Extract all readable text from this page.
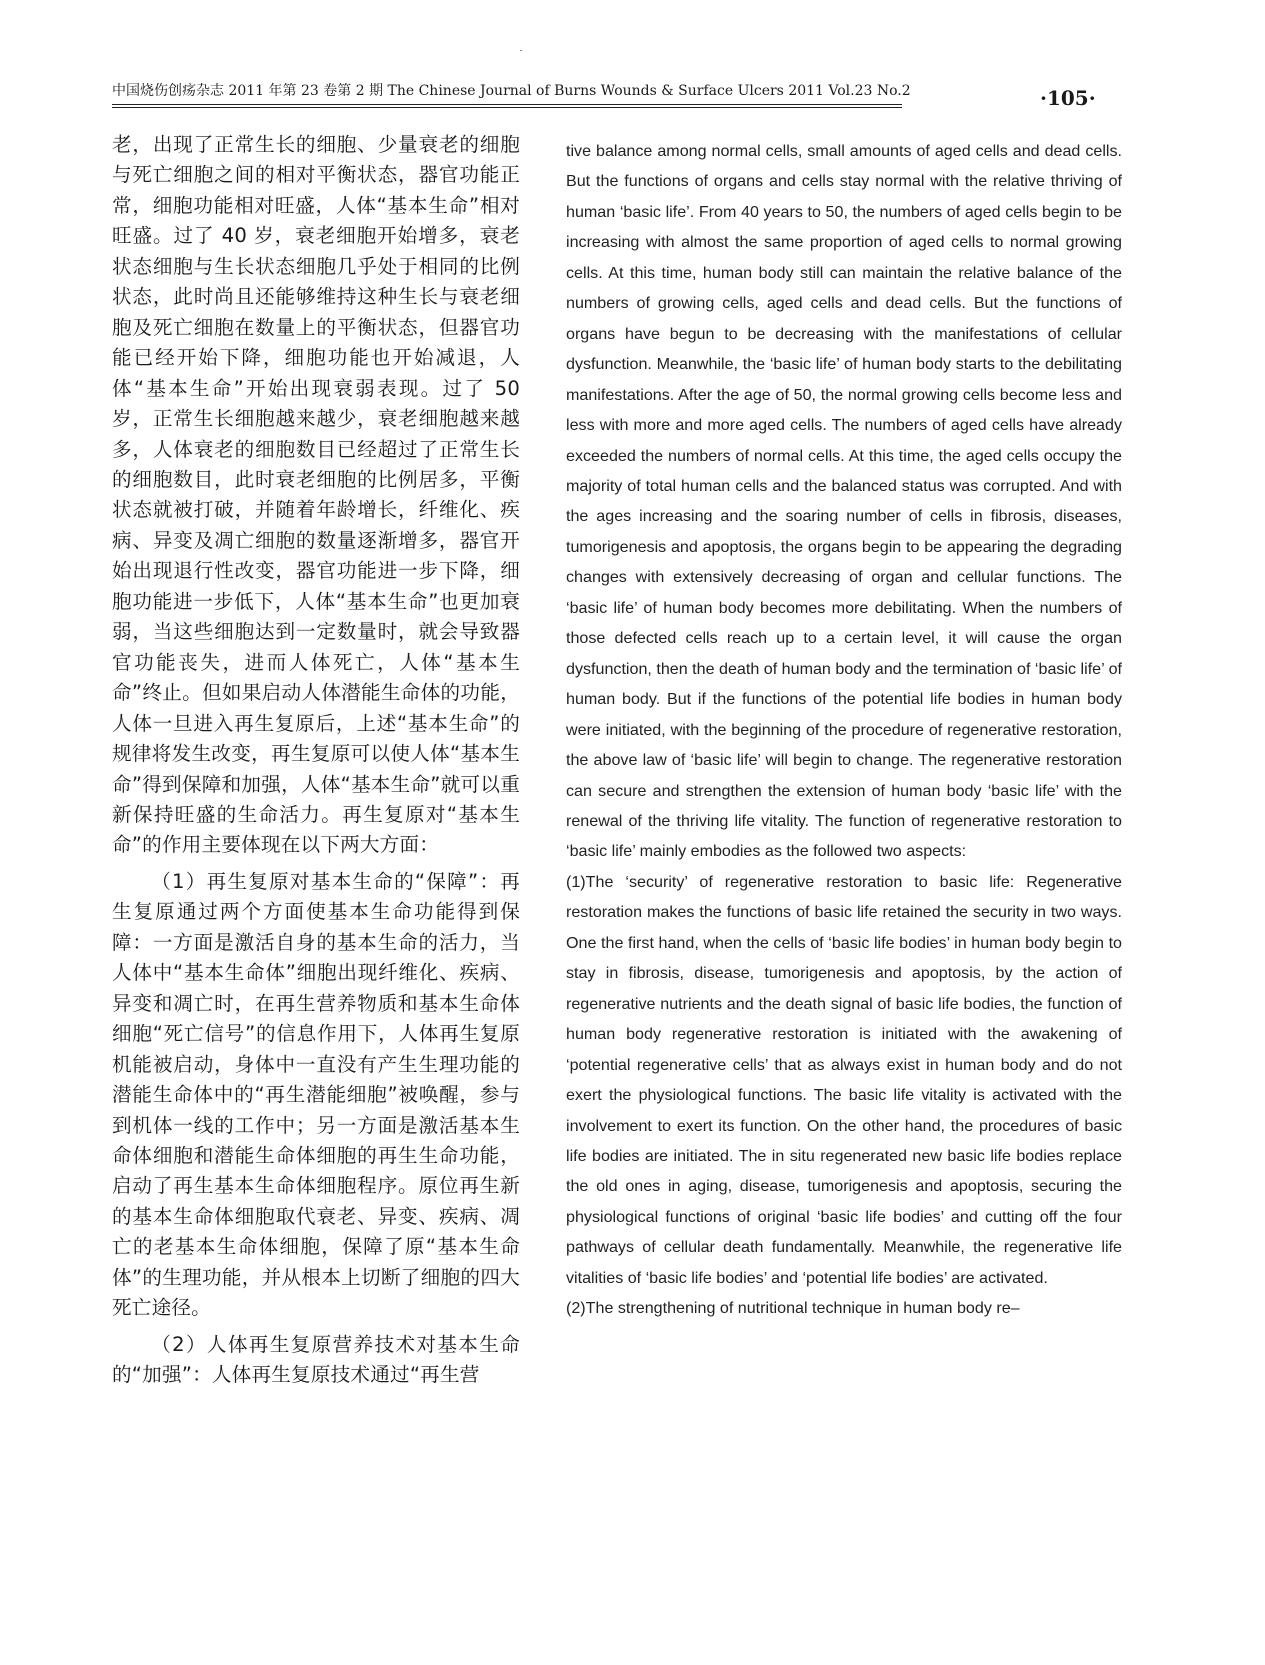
中国烧伤创疡杂志 2011 年第 23 卷第 2 期 The Chinese Journal of Burns Wounds & Surface Ulcers 2011 Vol.23 No.2	·105·

老，出现了正常生长的细胞、少量衰老的细胞与死亡细胞之间的相对平衡状态，器官功能正常，细胞功能相对旺盛，人体“基本生命”相对旺盛。过了 40 岁，衰老细胞开始增多，衰老状态细胞与生长状态细胞几乎处于相同的比例状态，此时尚且还能够维持这种生长与衰老细胞及死亡细胞在数量上的平衡状态，但器官功能已经开始下降，细胞功能也开始减退，人体“基本生命”开始出现衰弱表现。过了 50 岁，正常生长细胞越来越少，衰老细胞越来越多，人体衰老的细胞数目已经超过了正常生长的细胞数目，此时衰老细胞的比例居多，平衡状态就被打破，并随着年龄增长，纤维化、疾病、异变及凋亡细胞的数量逐渐增多，器官开始出现退行性改变，器官功能进一步下降，细胞功能进一步低下，人体“基本生命”也更加衰弱，当这些细胞达到一定数量时，就会导致器官功能丧失，进而人体死亡，人体“基本生命”终止。但如果启动人体潜能生命体的功能，人体一旦进入再生复原后，上述“基本生命”的规律将发生改变，再生复原可以使人体“基本生命”得到保障和加强，人体“基本生命”就可以重新保持旺盛的生命活力。再生复原对“基本生命”的作用主要体现在以下两大方面：

（1）再生复原对基本生命的“保障”：再生复原通过两个方面使基本生命功能得到保障：一方面是激活自身的基本生命的活力，当人体中“基本生命体”细胞出现纤维化、疾病、异变和凋亡时，在再生营养物质和基本生命体细胞“死亡信号”的信息作用下，人体再生复原机能被启动，身体中一直没有产生生理功能的潜能生命体中的“再生潜能细胞”被唤醒，参与到机体一线的工作中；另一方面是激活基本生命体细胞和潜能生命体细胞的再生生命功能，启动了再生基本生命体细胞程序。原位再生新的基本生命体细胞取代衰老、异变、疾病、凋亡的老基本生命体细胞，保障了原“基本生命体”的生理功能，并从根本上切断了细胞的四大死亡途径。

（2）人体再生复原营养技术对基本生命的“加强”：人体再生复原技术通过“再生营

tive balance among normal cells, small amounts of aged cells and dead cells. But the functions of organs and cells stay normal with the relative thriving of human ‘basic life’. From 40 years to 50, the numbers of aged cells begin to be increasing with almost the same proportion of aged cells to normal growing cells. At this time, human body still can maintain the relative balance of the numbers of growing cells, aged cells and dead cells. But the functions of organs have begun to be decreasing with the manifestations of cellular dysfunction. Meanwhile, the ‘basic life’ of human body starts to the debilitating manifestations. After the age of 50, the normal growing cells become less and less with more and more aged cells. The numbers of aged cells have already exceeded the numbers of normal cells. At this time, the aged cells occupy the majority of total human cells and the balanced status was corrupted. And with the ages increasing and the soaring number of cells in fibrosis, diseases, tumorigenesis and apoptosis, the organs begin to be appearing the degrading changes with extensively decreasing of organ and cellular functions. The ‘basic life’ of human body becomes more debilitating. When the numbers of those defected cells reach up to a certain level, it will cause the organ dysfunction, then the death of human body and the termination of ‘basic life’ of human body. But if the functions of the potential life bodies in human body were initiated, with the beginning of the procedure of regenerative restoration, the above law of ‘basic life’ will begin to change. The regenerative restoration can secure and strengthen the extension of human body ‘basic life’ with the renewal of the thriving life vitality. The function of regenerative restoration to ‘basic life’ mainly embodies as the followed two aspects:

(1)The ‘security’ of regenerative restoration to basic life: Regenerative restoration makes the functions of basic life retained the security in two ways. One the first hand, when the cells of ‘basic life bodies’ in human body begin to stay in fibrosis, disease, tumorigenesis and apoptosis, by the action of regenerative nutrients and the death signal of basic life bodies, the function of human body regenerative restoration is initiated with the awakening of ‘potential regenerative cells’ that as always exist in human body and do not exert the physiological functions. The basic life vitality is activated with the involvement to exert its function. On the other hand, the procedures of basic life bodies are initiated. The in situ regenerated new basic life bodies replace the old ones in aging, disease, tumorigenesis and apoptosis, securing the physiological functions of original ‘basic life bodies’ and cutting off the four pathways of cellular death fundamentally. Meanwhile, the regenerative life vitalities of ‘basic life bodies’ and ‘potential life bodies’ are activated.

(2)The strengthening of nutritional technique in human body re–
